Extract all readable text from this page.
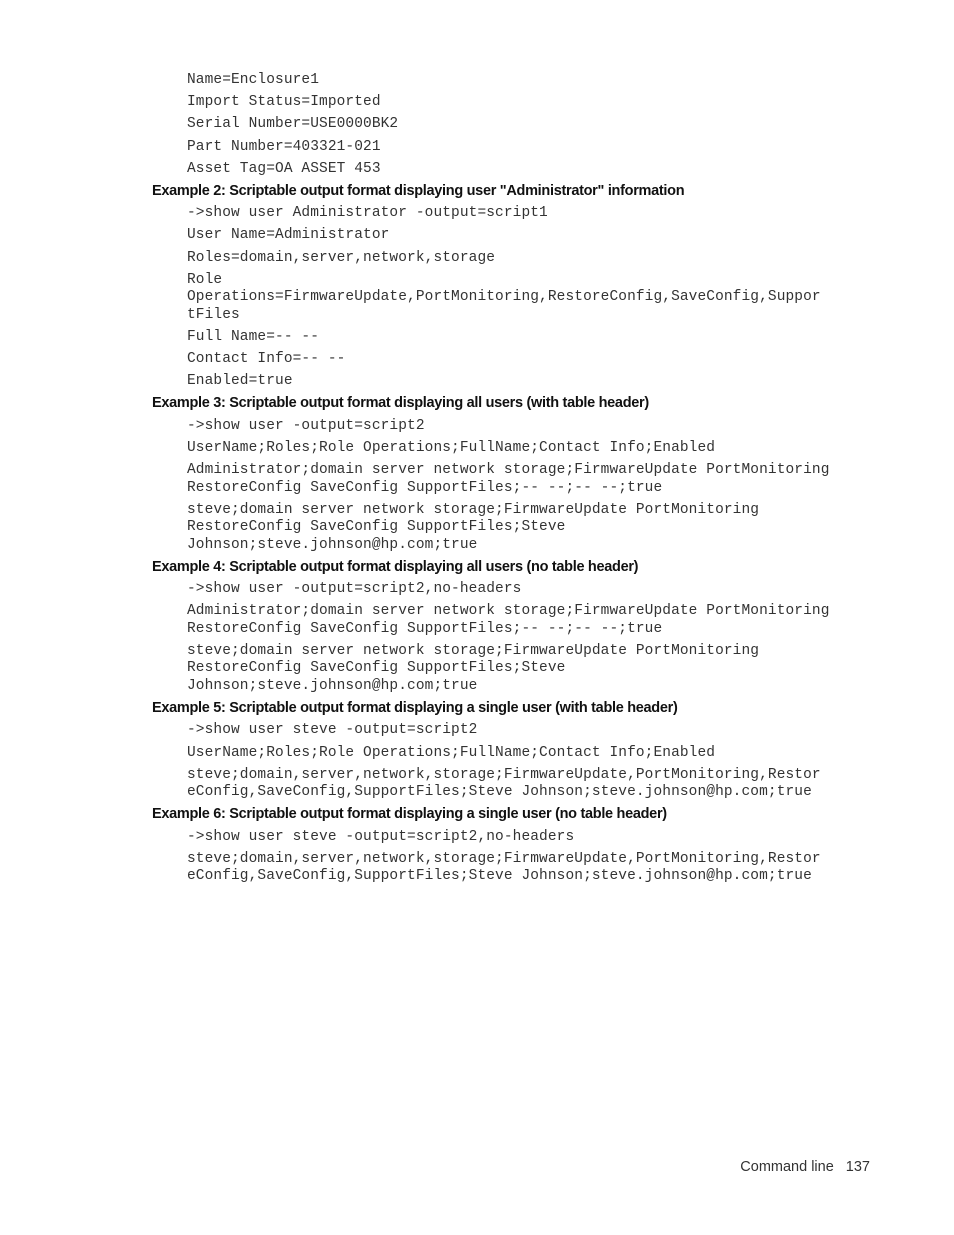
Name=Enclosure1
Import Status=Imported
Serial Number=USE0000BK2
Part Number=403321-021
Asset Tag=OA ASSET 453
Example 2: Scriptable output format displaying user "Administrator" information
->show user Administrator -output=script1
User Name=Administrator
Roles=domain,server,network,storage
Role
Operations=FirmwareUpdate,PortMonitoring,RestoreConfig,SaveConfig,Suppor
tFiles
Full Name=-- --
Contact Info=-- --
Enabled=true
Example 3: Scriptable output format displaying all users (with table header)
->show user -output=script2
UserName;Roles;Role Operations;FullName;Contact Info;Enabled
Administrator;domain server network storage;FirmwareUpdate PortMonitoring
RestoreConfig SaveConfig SupportFiles;-- --;-- --;true
steve;domain server network storage;FirmwareUpdate PortMonitoring
RestoreConfig SaveConfig SupportFiles;Steve
Johnson;steve.johnson@hp.com;true
Example 4: Scriptable output format displaying all users (no table header)
->show user -output=script2,no-headers
Administrator;domain server network storage;FirmwareUpdate PortMonitoring
RestoreConfig SaveConfig SupportFiles;-- --;-- --;true
steve;domain server network storage;FirmwareUpdate PortMonitoring
RestoreConfig SaveConfig SupportFiles;Steve
Johnson;steve.johnson@hp.com;true
Example 5: Scriptable output format displaying a single user (with table header)
->show user steve -output=script2
UserName;Roles;Role Operations;FullName;Contact Info;Enabled
steve;domain,server,network,storage;FirmwareUpdate,PortMonitoring,Restor
eConfig,SaveConfig,SupportFiles;Steve Johnson;steve.johnson@hp.com;true
Example 6: Scriptable output format displaying a single user (no table header)
->show user steve -output=script2,no-headers
steve;domain,server,network,storage;FirmwareUpdate,PortMonitoring,Restor
eConfig,SaveConfig,SupportFiles;Steve Johnson;steve.johnson@hp.com;true
Command line 137
